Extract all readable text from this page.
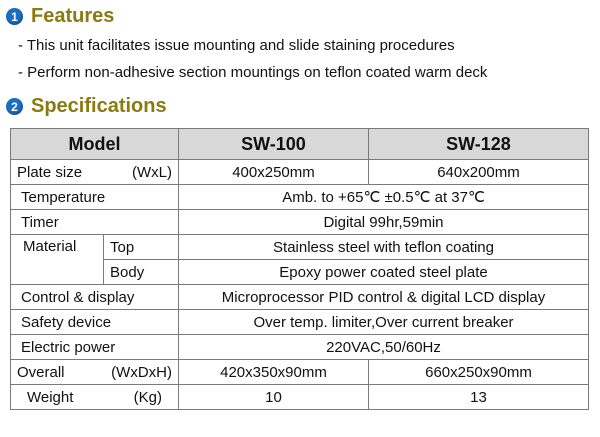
1 Features
- This unit facilitates issue mounting and slide staining procedures
- Perform non-adhesive section mountings on teflon coated warm deck
2 Specifications
Model		SW-100	SW-128

Plate size (WxL)		400x250mm	640x200mm
Temperature		Amb. to +65℃ ±0.5℃ at 37℃	
Timer		Digital 99hr,59min	
Material	Top	Stainless steel with teflon coating	
	Body	Epoxy power coated steel plate	
Control & display		Microprocessor PID control & digital LCD display	
Safety device		Over temp. limiter,Over current breaker	
Electric power		220VAC,50/60Hz	

Overall (WxDxH)		420x350x90mm	660x250x90mm

Weight (Kg)		10	13
